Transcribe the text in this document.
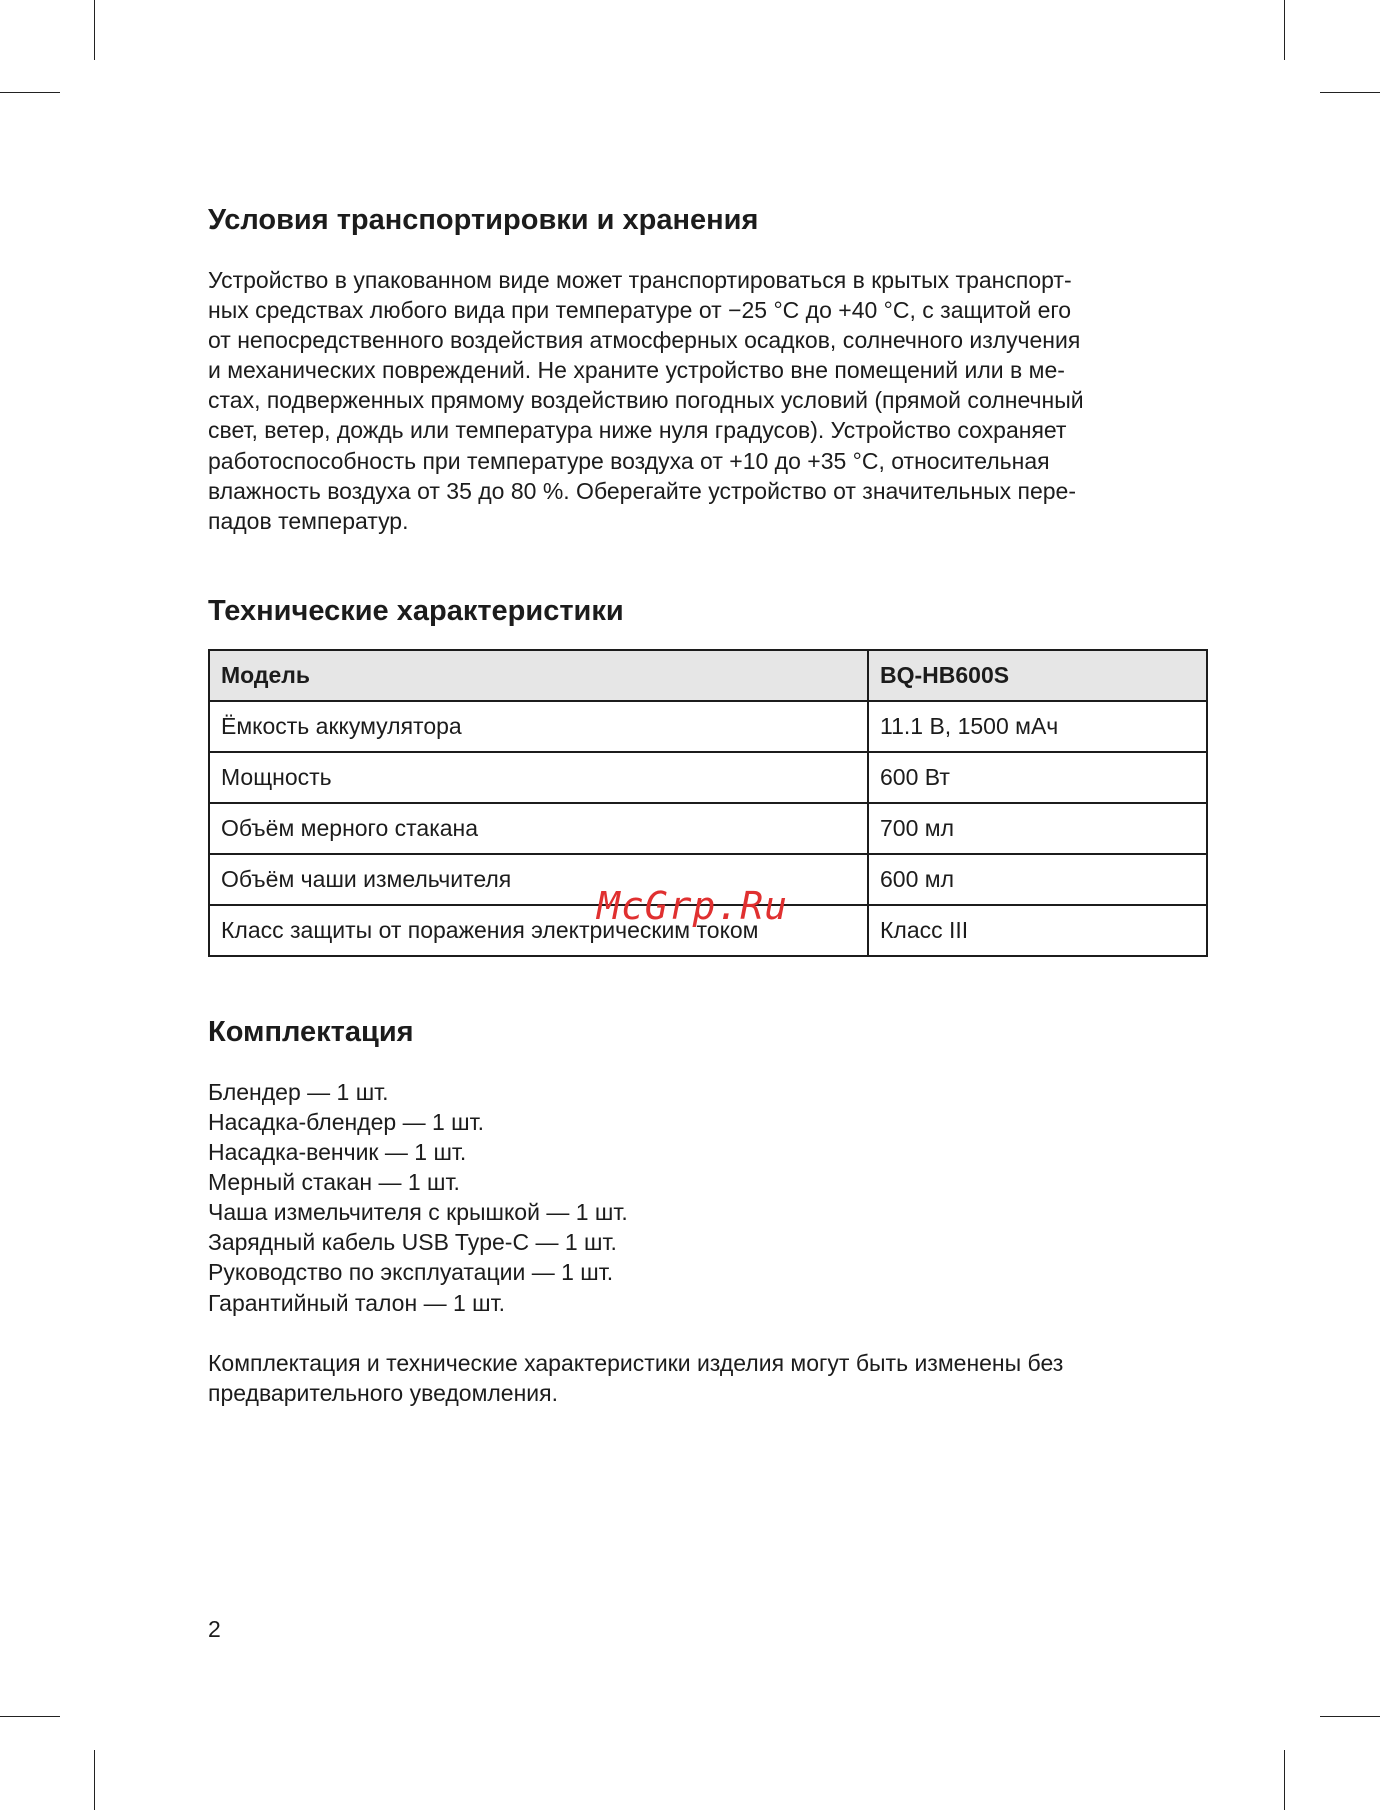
Условия транспортировки и хранения

Устройство в упакованном виде может транспортироваться в крытых транспорт-
ных средствах любого вида при температуре от −25 °C до +40 °C, с защитой его
от непосредственного воздействия атмосферных осадков, солнечного излучения
и механических повреждений. Не храните устройство вне помещений или в ме-
стах, подверженных прямому воздействию погодных условий (прямой солнечный
свет, ветер, дождь или температура ниже нуля градусов). Устройство сохраняет
работоспособность при температуре воздуха от +10 до +35 °C, относительная
влажность воздуха от 35 до 80 %. Оберегайте устройство от значительных пере-
падов температур.

Технические характеристики
Модель	BQ-HB600S
Ёмкость аккумулятора	11.1 В, 1500 мАч
Мощность	600 Вт
Объём мерного стакана	700 мл
Объём чаши измельчителя	600 мл
Класс защиты от поражения электрическим током	Класс III
Комплектация
Блендер — 1 шт.
Насадка-блендер — 1 шт.
Насадка-венчик — 1 шт.
Мерный стакан — 1 шт.
Чаша измельчителя с крышкой — 1 шт.
Зарядный кабель USB Type-C — 1 шт.
Руководство по эксплуатации — 1 шт.
Гарантийный талон — 1 шт.

Комплектация и технические характеристики изделия могут быть изменены без
предварительного уведомления.

McGrp.Ru
2
